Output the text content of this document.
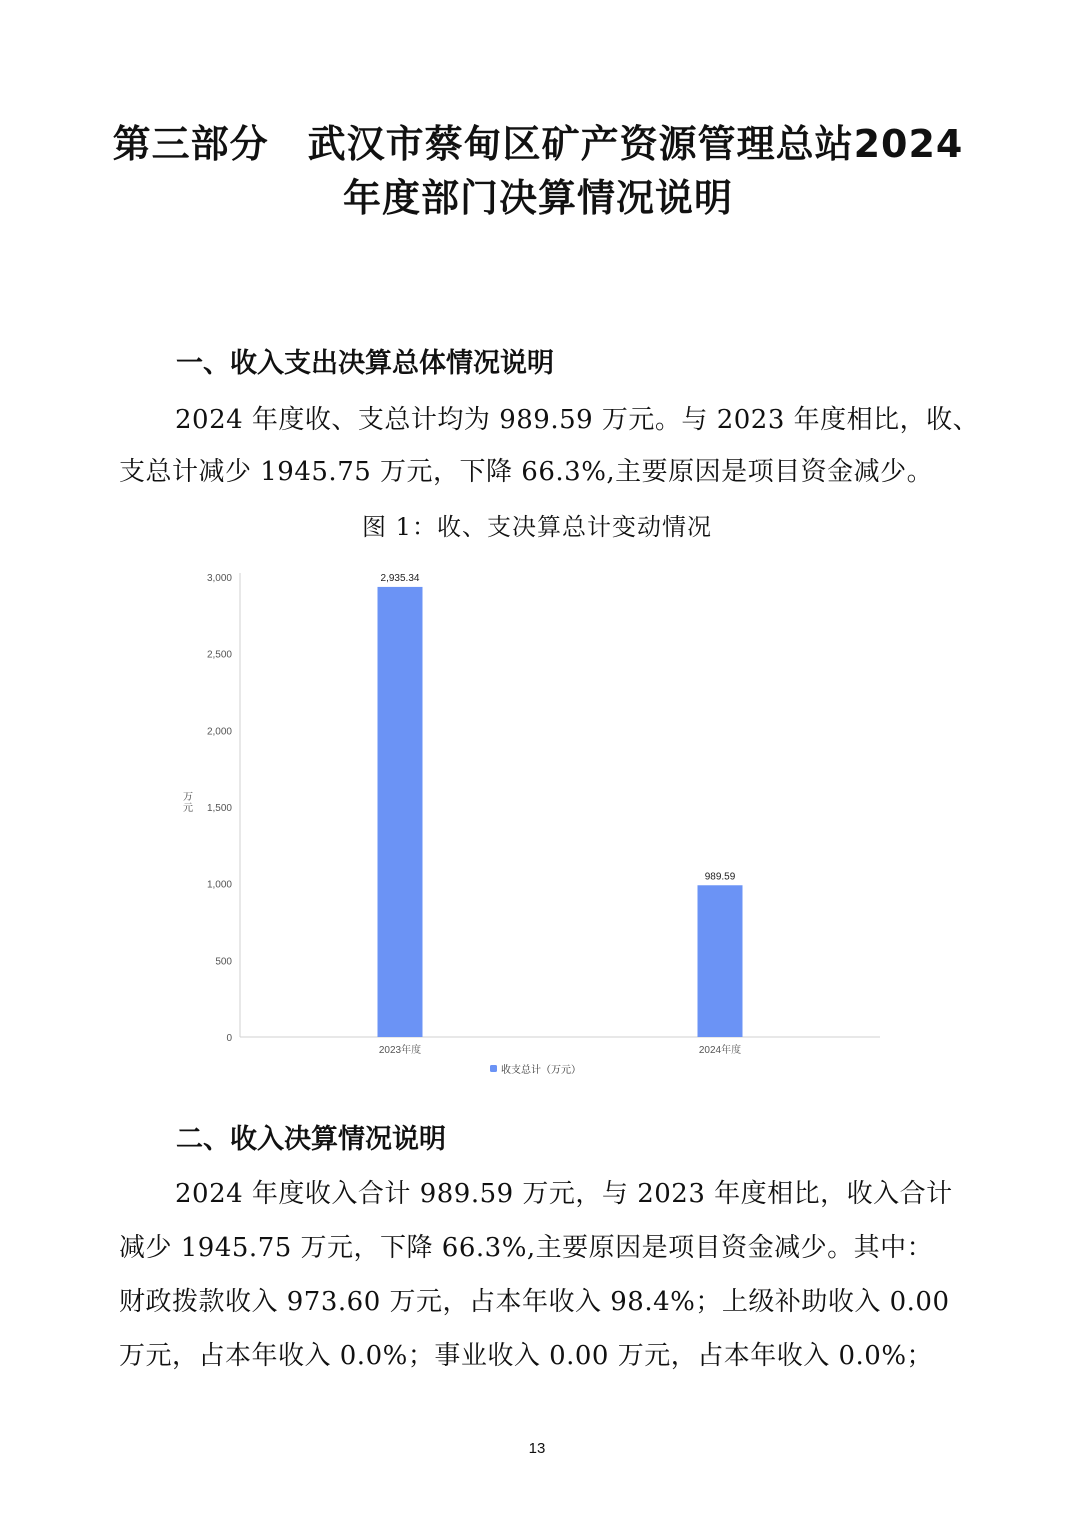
第三部分　武汉市蔡甸区矿产资源管理总站2024
年度部门决算情况说明
一、收入支出决算总体情况说明
2024 年度收、支总计均为 989.59 万元。与 2023 年度相比，收、
支总计减少 1945.75 万元，下降 66.3%,主要原因是项目资金减少。
图 1：收、支决算总计变动情况
0
500
1,000
1,500
2,000
2,500
3,000
万元
2,935.34
2023年度
989.59
2024年度
收支总计（万元）
二、收入决算情况说明
2024 年度收入合计 989.59 万元，与 2023 年度相比，收入合计
减少 1945.75 万元，下降 66.3%,主要原因是项目资金减少。其中：
财政拨款收入 973.60 万元，占本年收入 98.4%；上级补助收入 0.00
万元，占本年收入 0.0%；事业收入 0.00 万元，占本年收入 0.0%；
13
